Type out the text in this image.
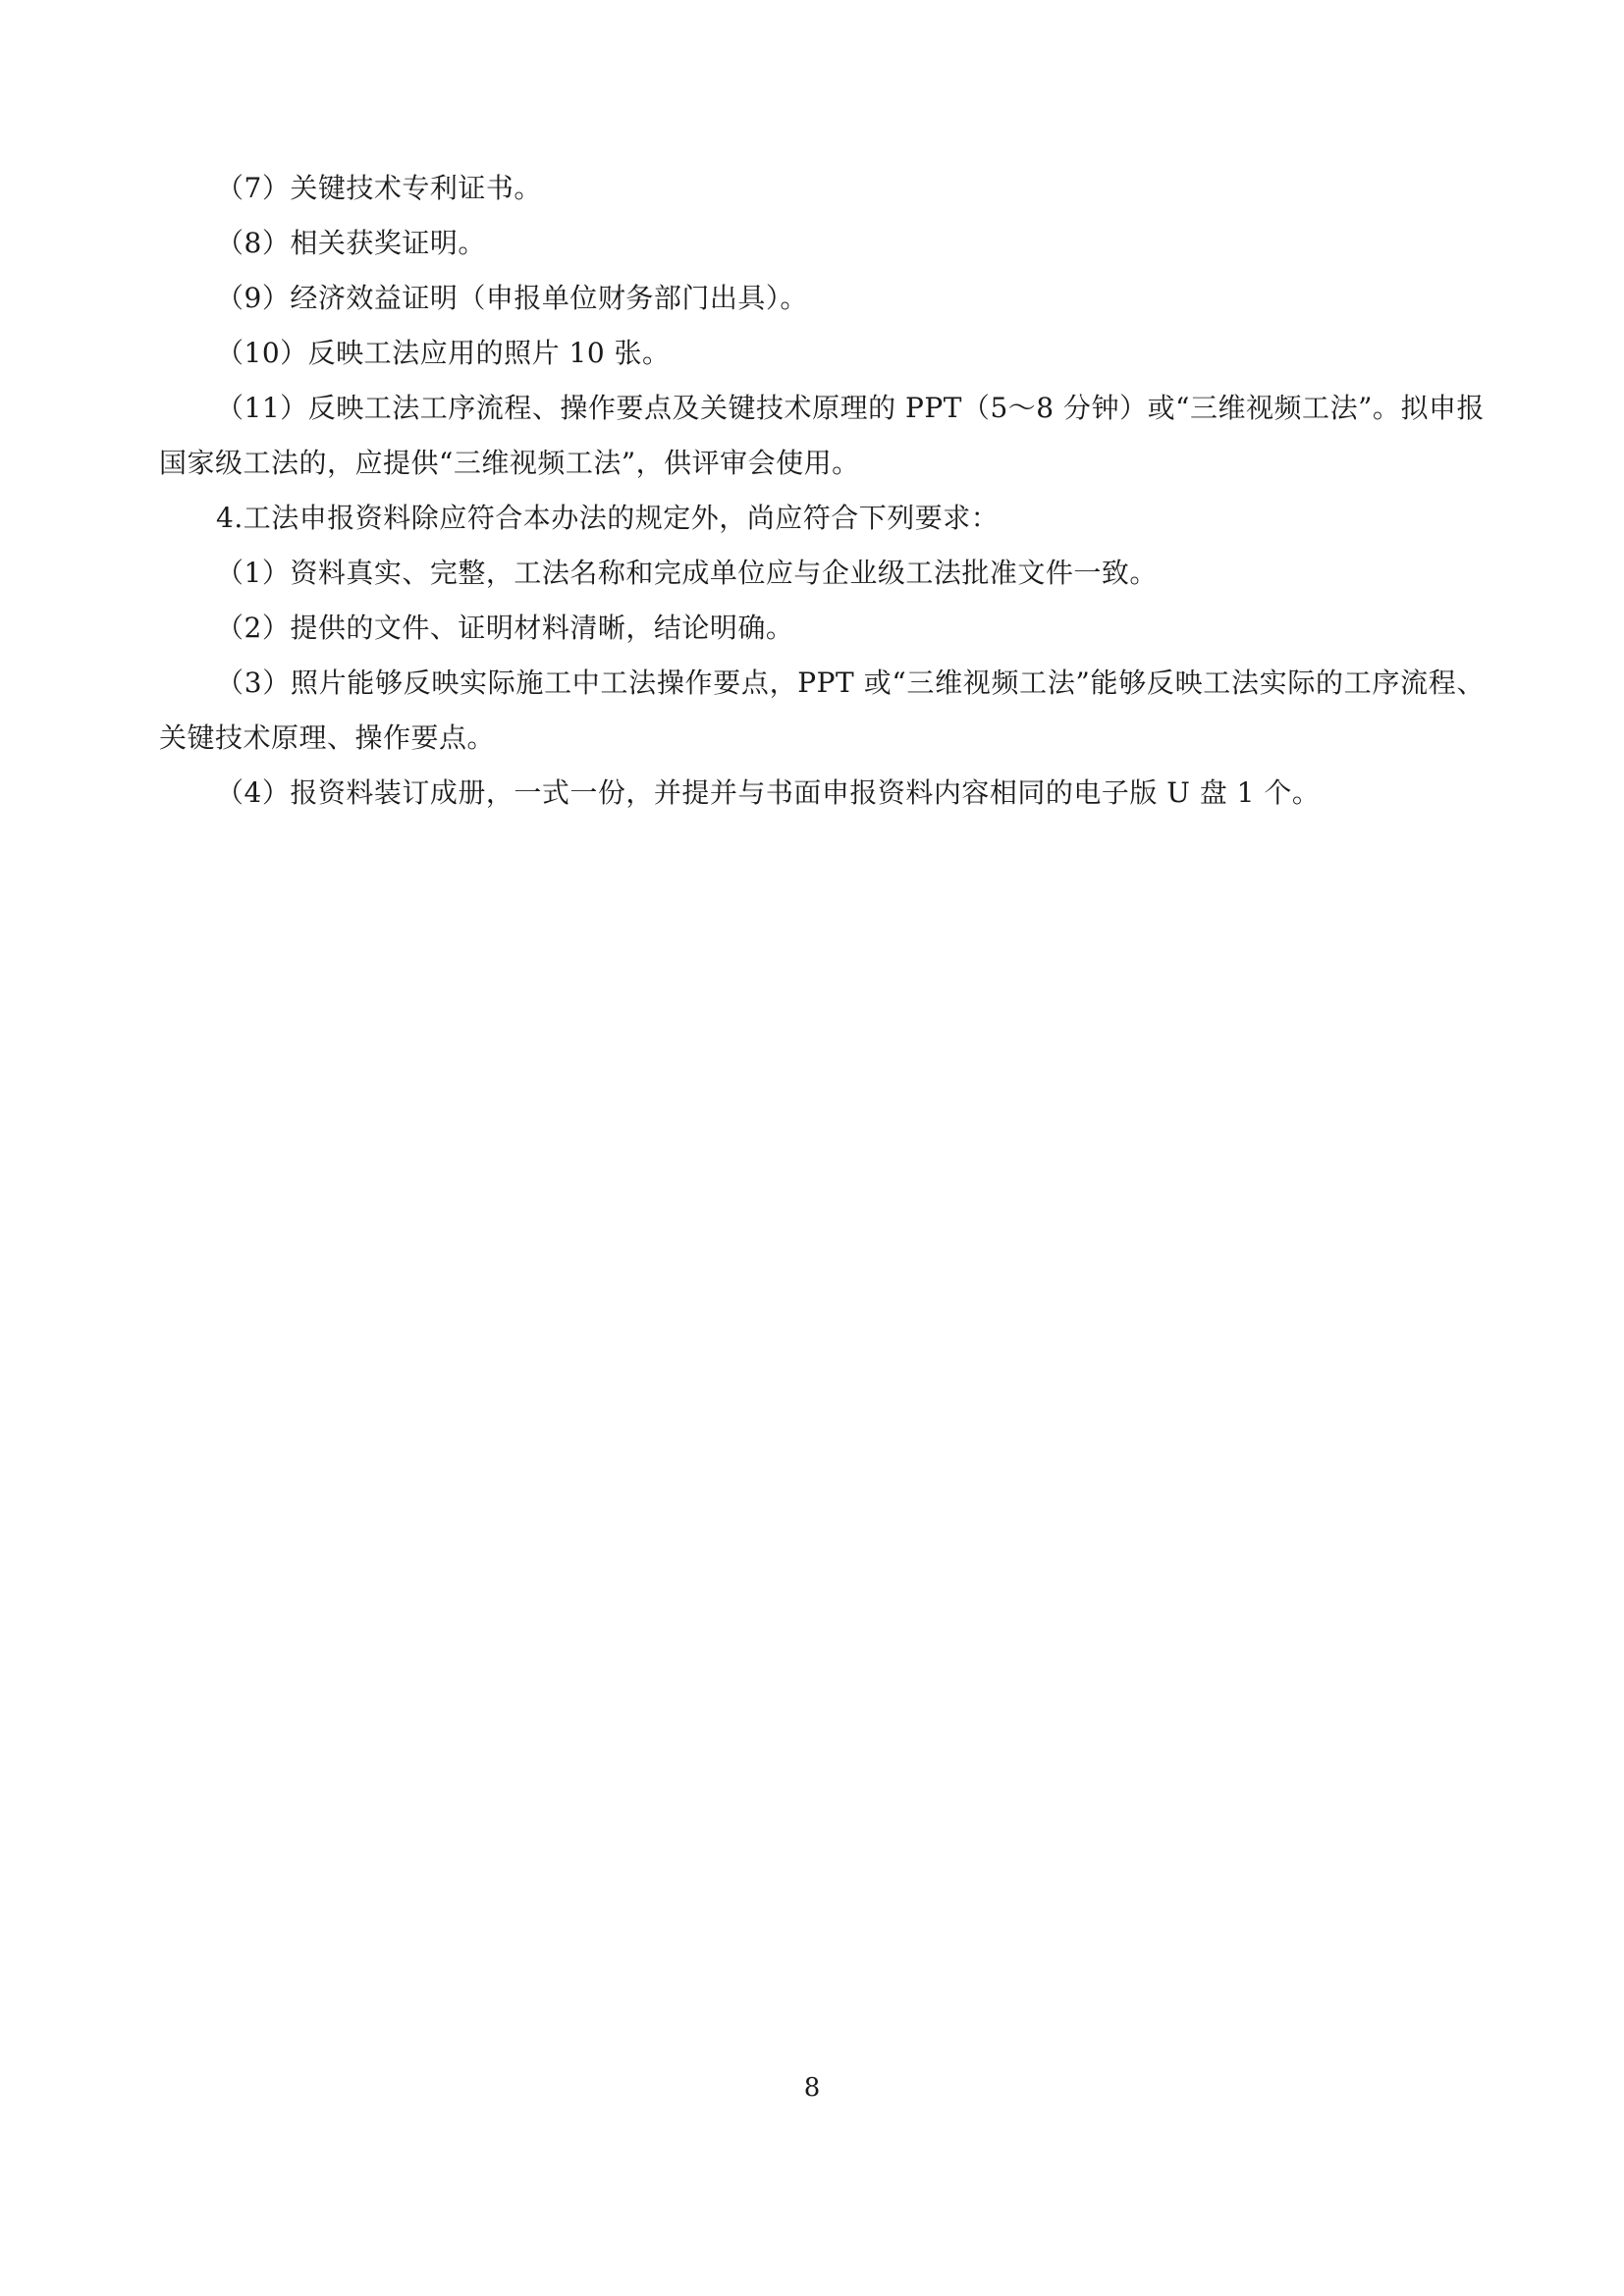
（7）关键技术专利证书。

（8）相关获奖证明。

（9）经济效益证明（申报单位财务部门出具）。

（10）反映工法应用的照片 10 张。

（11）反映工法工序流程、操作要点及关键技术原理的 PPT（5～8 分钟）或“三维视频工法”。拟申报国家级工法的，应提供“三维视频工法”，供评审会使用。

4.工法申报资料除应符合本办法的规定外，尚应符合下列要求：

（1）资料真实、完整，工法名称和完成单位应与企业级工法批准文件一致。

（2）提供的文件、证明材料清晰，结论明确。

（3）照片能够反映实际施工中工法操作要点，PPT 或“三维视频工法”能够反映工法实际的工序流程、关键技术原理、操作要点。

（4）报资料装订成册，一式一份，并提并与书面申报资料内容相同的电子版 U 盘 1 个。

8
